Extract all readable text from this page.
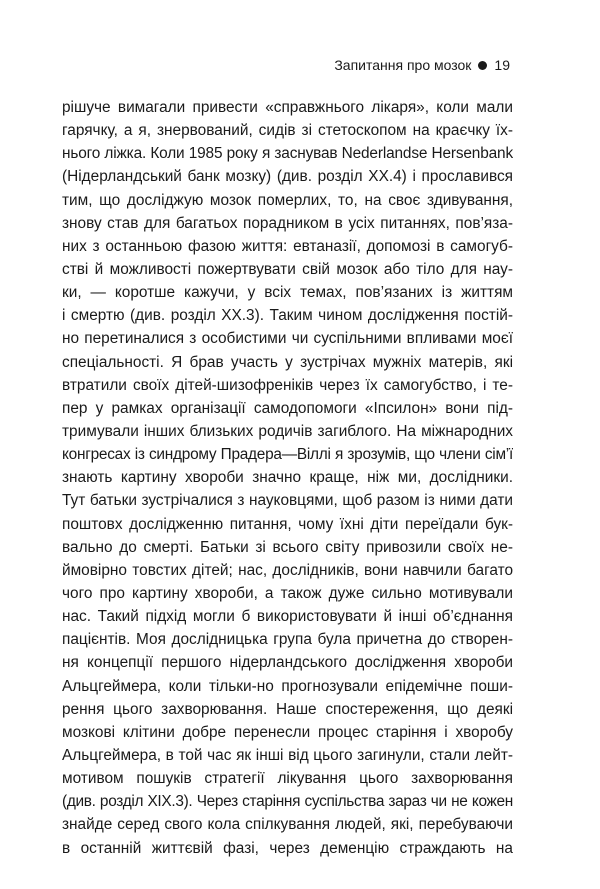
Запитання про мозок 19
рішуче вимагали привести «справжнього лікаря», коли мали
гарячку, а я, знервований, сидів зі стетоскопом на краєчку їх-
нього ліжка. Коли 1985 року я заснував Nederlandse Hersenbank
(Нідерландський банк мозку) (див. розділ XX.4) і прославився
тим, що досліджую мозок померлих, то, на своє здивування,
знову став для багатьох порадником в усіх питаннях, пов’яза-
них з останньою фазою життя: евтаназії, допомозі в самогуб-
стві й можливості пожертвувати свій мозок або тіло для нау-
ки, — коротше кажучи, у всіх темах, пов’язаних із життям
і смертю (див. розділ XX.3). Таким чином дослідження постій-
но перетиналися з особистими чи суспільними впливами моєї
спеціальності. Я брав участь у зустрічах мужніх матерів, які
втратили своїх дітей-шизофреніків через їх самогубство, і те-
пер у рамках організації самодопомоги «Іпсилон» вони під-
тримували інших близьких родичів загиблого. На міжнародних
конгресах із синдрому Прадера—Віллі я зрозумів, що члени сім’ї
знають картину хвороби значно краще, ніж ми, дослідники.
Тут батьки зустрічалися з науковцями, щоб разом із ними дати
поштовх дослідженню питання, чому їхні діти переїдали бук-
вально до смерті. Батьки зі всього світу привозили своїх не-
ймовірно товстих дітей; нас, дослідників, вони навчили багато
чого про картину хвороби, а також дуже сильно мотивували
нас. Такий підхід могли б використовувати й інші об’єднання
пацієнтів. Моя дослідницька група була причетна до створен-
ня концепції першого нідерландського дослідження хвороби
Альцгеймера, коли тільки-но прогнозували епідемічне поши-
рення цього захворювання. Наше спостереження, що деякі
мозкові клітини добре перенесли процес старіння і хворобу
Альцгеймера, в той час як інші від цього загинули, стали лейт-
мотивом пошуків стратегії лікування цього захворювання
(див. розділ XIX.3). Через старіння суспільства зараз чи не кожен
знайде серед свого кола спілкування людей, які, перебуваючи
в останній життєвій фазі, через деменцію страждають на
